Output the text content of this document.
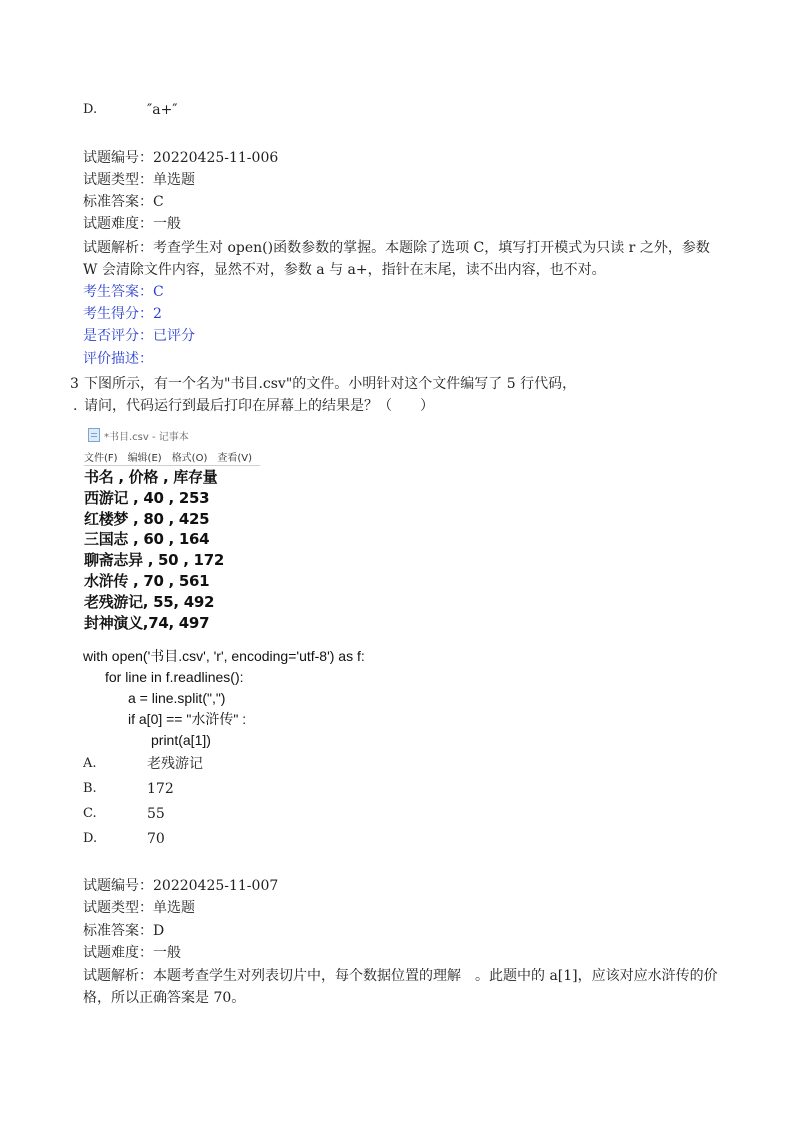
D.	″a+″
试题编号：20220425-11-006
试题类型：单选题
标准答案：C
试题难度：一般
试题解析：考查学生对 open()函数参数的掌握。本题除了选项 C，填写打开模式为只读 r 之外，参数 W 会清除文件内容，显然不对，参数 a 与 a+，指针在末尾，读不出内容，也不对。
考生答案：C
考生得分：2
是否评分：已评分
评价描述：
3 下图所示，有一个名为"书目.csv"的文件。小明针对这个文件编写了 5 行代码，
. 请问，代码运行到最后打印在屏幕上的结果是？（　　）
*书目.csv - 记事本
文件(F) 编辑(E) 格式(O) 查看(V)
书名 , 价格 , 库存量
西游记 , 40 , 253
红楼梦 , 80 , 425
三国志 , 60 , 164
聊斋志异 , 50 , 172
水浒传 , 70 , 561
老残游记, 55, 492
封神演义,74, 497
with open('书目.csv', 'r', encoding='utf-8') as f:
for line in f.readlines():
a = line.split(",")
if a[0] == "水浒传" :
print(a[1])
A.	老残游记
B.	172
C.	55
D.	70
试题编号：20220425-11-007
试题类型：单选题
标准答案：D
试题难度：一般
试题解析：本题考查学生对列表切片中，每个数据位置的理解　。此题中的 a[1]，应该对应水浒传的价格，所以正确答案是 70。
